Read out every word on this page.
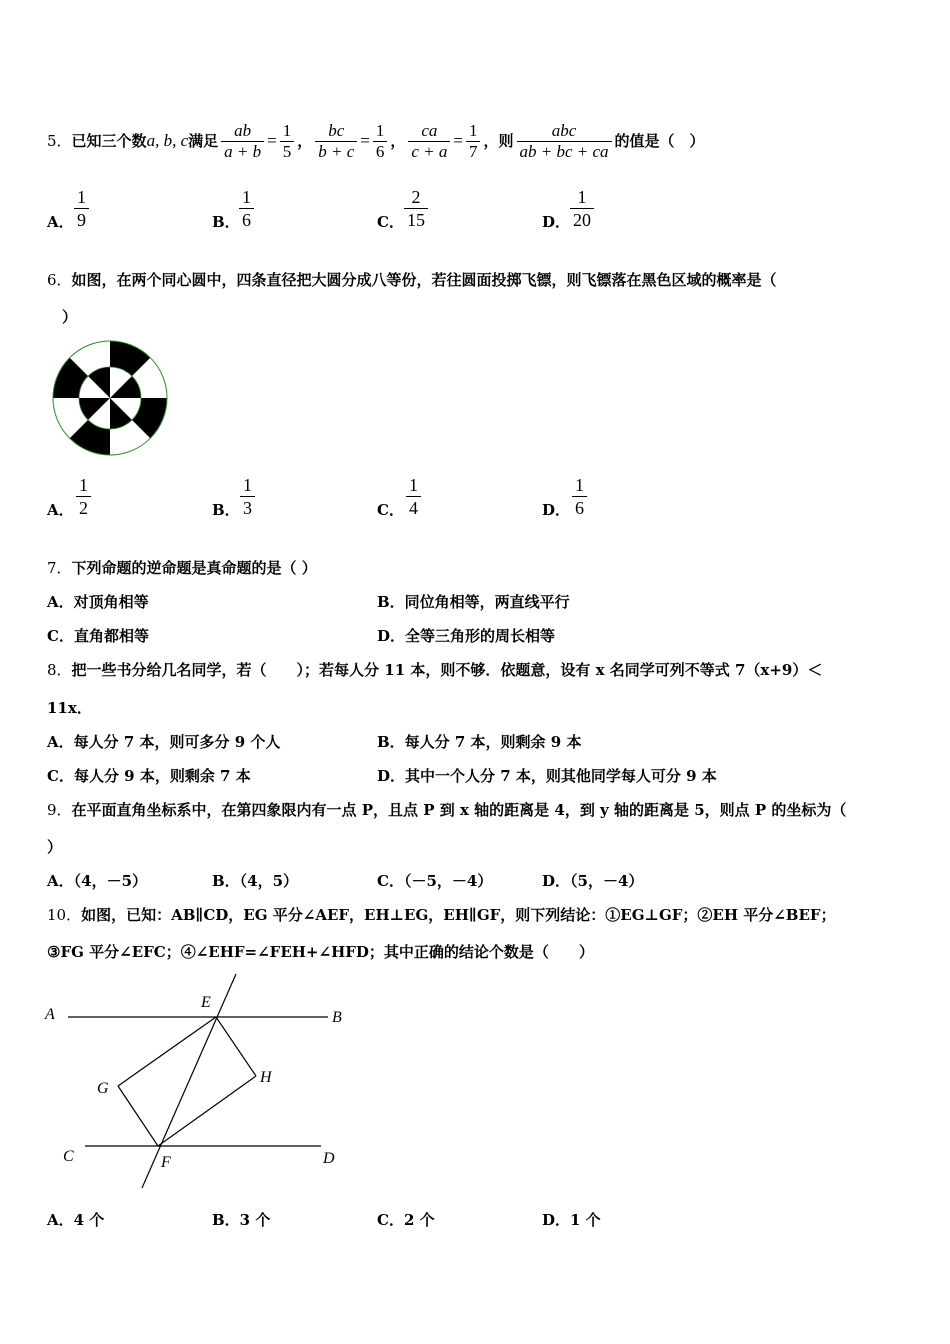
5． 已知三个数 a, b, c 满足 $\frac{ab}{a + b} = \frac{1}{5}$ ， $\frac{bc}{b + c} = \frac{1}{6}$ ， $\frac{ca}{c + a} = \frac{1}{7}$ ，则 $\frac{\text{abc}}{ab + bc + ca}$ 的值是（　）
A．
1
9	B．
1
6	C．
2
15	D．
1
20
6．如图，在两个同心圆中，四条直径把大圆分成八等份，若往圆面投掷飞镖，则飞镖落在黑色区域的概率是（
）
A．
1
2	B．
1
3	C．
1
4	D．
1
6
7．下列命题的逆命题是真命题的是（ ）
A．对顶角相等	B．同位角相等，两直线平行
C．直角都相等	D．全等三角形的周长相等
8．把一些书分给几名同学，若（　　）；若每人分 11 本，则不够．依题意，设有 x 名同学可列不等式 7（x+9）＜
11x．
A．每人分 7 本，则可多分 9 个人	B．每人分 7 本，则剩余 9 本
C．每人分 9 本，则剩余 7 本	D．其中一个人分 7 本，则其他同学每人可分 9 本
9．在平面直角坐标系中，在第四象限内有一点 P，且点 P 到 x 轴的距离是 4，到 y 轴的距离是 5，则点 P 的坐标为（
）
A．（4，－5）	B．（4，5）	C．（－5，－4）	D．（5，－4）
10．如图，已知：AB∥CD，EG 平分∠AEF，EH⊥EG，EH∥GF，则下列结论：①EG⊥GF；②EH 平分∠BEF；
③FG 平分∠EFC；④∠EHF=∠FEH+∠HFD；其中正确的结论个数是（　　）
A	B
E
G
H
C	F	D
A．4 个	B．3 个	C．2 个	D．1 个
